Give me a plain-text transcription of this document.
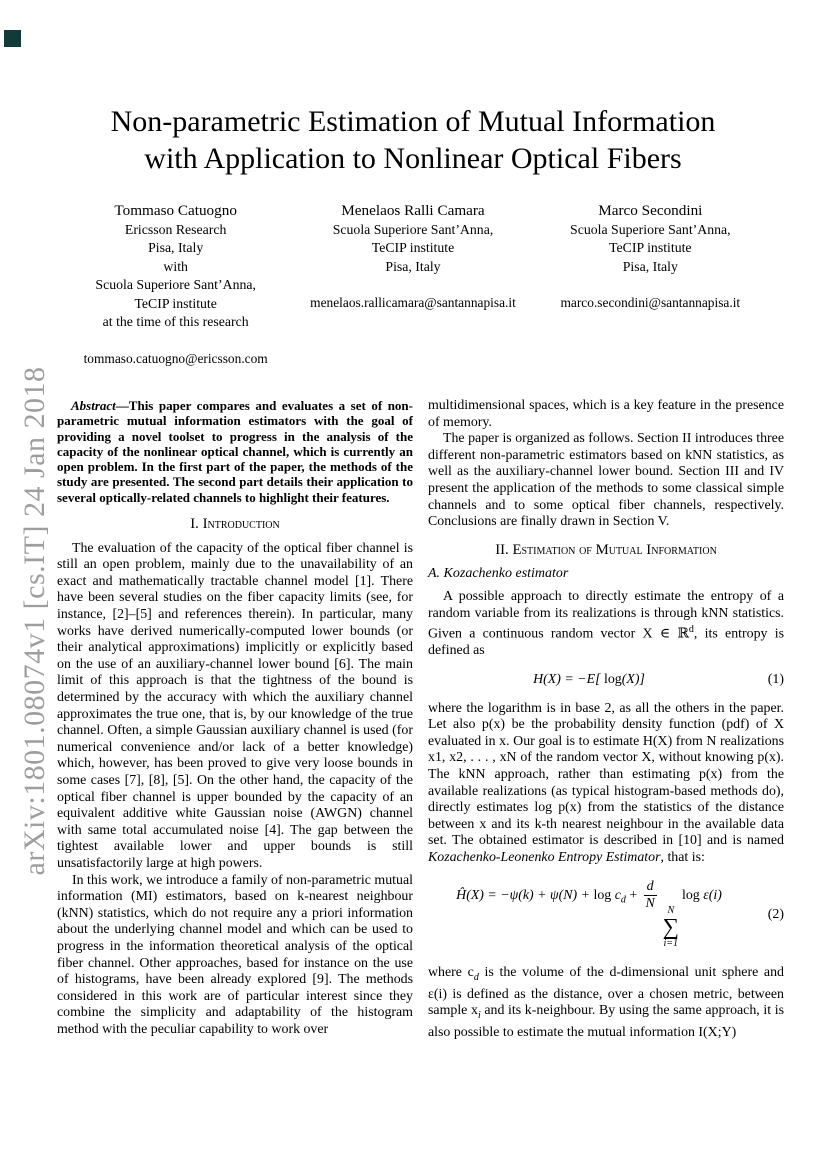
arXiv:1801.08074v1 [cs.IT] 24 Jan 2018
Non-parametric Estimation of Mutual Information
with Application to Nonlinear Optical Fibers
Tommaso Catuogno
Ericsson Research
Pisa, Italy
with
Scuola Superiore Sant’Anna,
TeCIP institute
at the time of this research
tommaso.catuogno@ericsson.com
Menelaos Ralli Camara
Scuola Superiore Sant’Anna,
TeCIP institute
Pisa, Italy
menelaos.rallicamara@santannapisa.it
Marco Secondini
Scuola Superiore Sant’Anna,
TeCIP institute
Pisa, Italy
marco.secondini@santannapisa.it

Abstract—This paper compares and evaluates a set of non-parametric mutual information estimators with the goal of providing a novel toolset to progress in the analysis of the capacity of the nonlinear optical channel, which is currently an open problem. In the first part of the paper, the methods of the study are presented. The second part details their application to several optically-related channels to highlight their features.

I. Introduction

The evaluation of the capacity of the optical fiber channel is still an open problem, mainly due to the unavailability of an exact and mathematically tractable channel model [1]. There have been several studies on the fiber capacity limits (see, for instance, [2]–[5] and references therein). In particular, many works have derived numerically-computed lower bounds (or their analytical approximations) implicitly or explicitly based on the use of an auxiliary-channel lower bound [6]. The main limit of this approach is that the tightness of the bound is determined by the accuracy with which the auxiliary channel approximates the true one, that is, by our knowledge of the true channel. Often, a simple Gaussian auxiliary channel is used (for numerical convenience and/or lack of a better knowledge) which, however, has been proved to give very loose bounds in some cases [7], [8], [5]. On the other hand, the capacity of the optical fiber channel is upper bounded by the capacity of an equivalent additive white Gaussian noise (AWGN) channel with same total accumulated noise [4]. The gap between the tightest available lower and upper bounds is still unsatisfactorily large at high powers.

In this work, we introduce a family of non-parametric mutual information (MI) estimators, based on k-nearest neighbour (kNN) statistics, which do not require any a priori information about the underlying channel model and which can be used to progress in the information theoretical analysis of the optical fiber channel. Other approaches, based for instance on the use of histograms, have been already explored [9]. The methods considered in this work are of particular interest since they combine the simplicity and adaptability of the histogram method with the peculiar capability to work over

multidimensional spaces, which is a key feature in the presence of memory.

The paper is organized as follows. Section II introduces three different non-parametric estimators based on kNN statistics, as well as the auxiliary-channel lower bound. Section III and IV present the application of the methods to some classical simple channels and to some optical fiber channels, respectively. Conclusions are finally drawn in Section V.

II. Estimation of Mutual Information

A. Kozachenko estimator

A possible approach to directly estimate the entropy of a random variable from its realizations is through kNN statistics. Given a continuous random vector X ∈ ℝ$^d$, its entropy is defined as

H(X) = −E[ log(X)]	(1)

where the logarithm is in base 2, as all the others in the paper. Let also p(x) be the probability density function (pdf) of X evaluated in x. Our goal is to estimate H(X) from N realizations x1, x2, . . . , xN of the random vector X, without knowing p(x). The kNN approach, rather than estimating p(x) from the available realizations (as typical histogram-based methods do), directly estimates log p(x) from the statistics of the distance between x and its k-th nearest neighbour in the available data set. The obtained estimator is described in [10] and is named Kozachenko-Leonenko Entropy Estimator, that is:

Ĥ(X) = $-\psi(k) + \psi(N) + \log c_d + \frac{d}{N}$ N
∑
i=1
log ε(i)
(2)

where $c_d$ is the volume of the d-dimensional unit sphere and ε(i) is defined as the distance, over a chosen metric, between sample $x_i$ and its k-neighbour. By using the same approach, it is also possible to estimate the mutual information I(X;Y)
